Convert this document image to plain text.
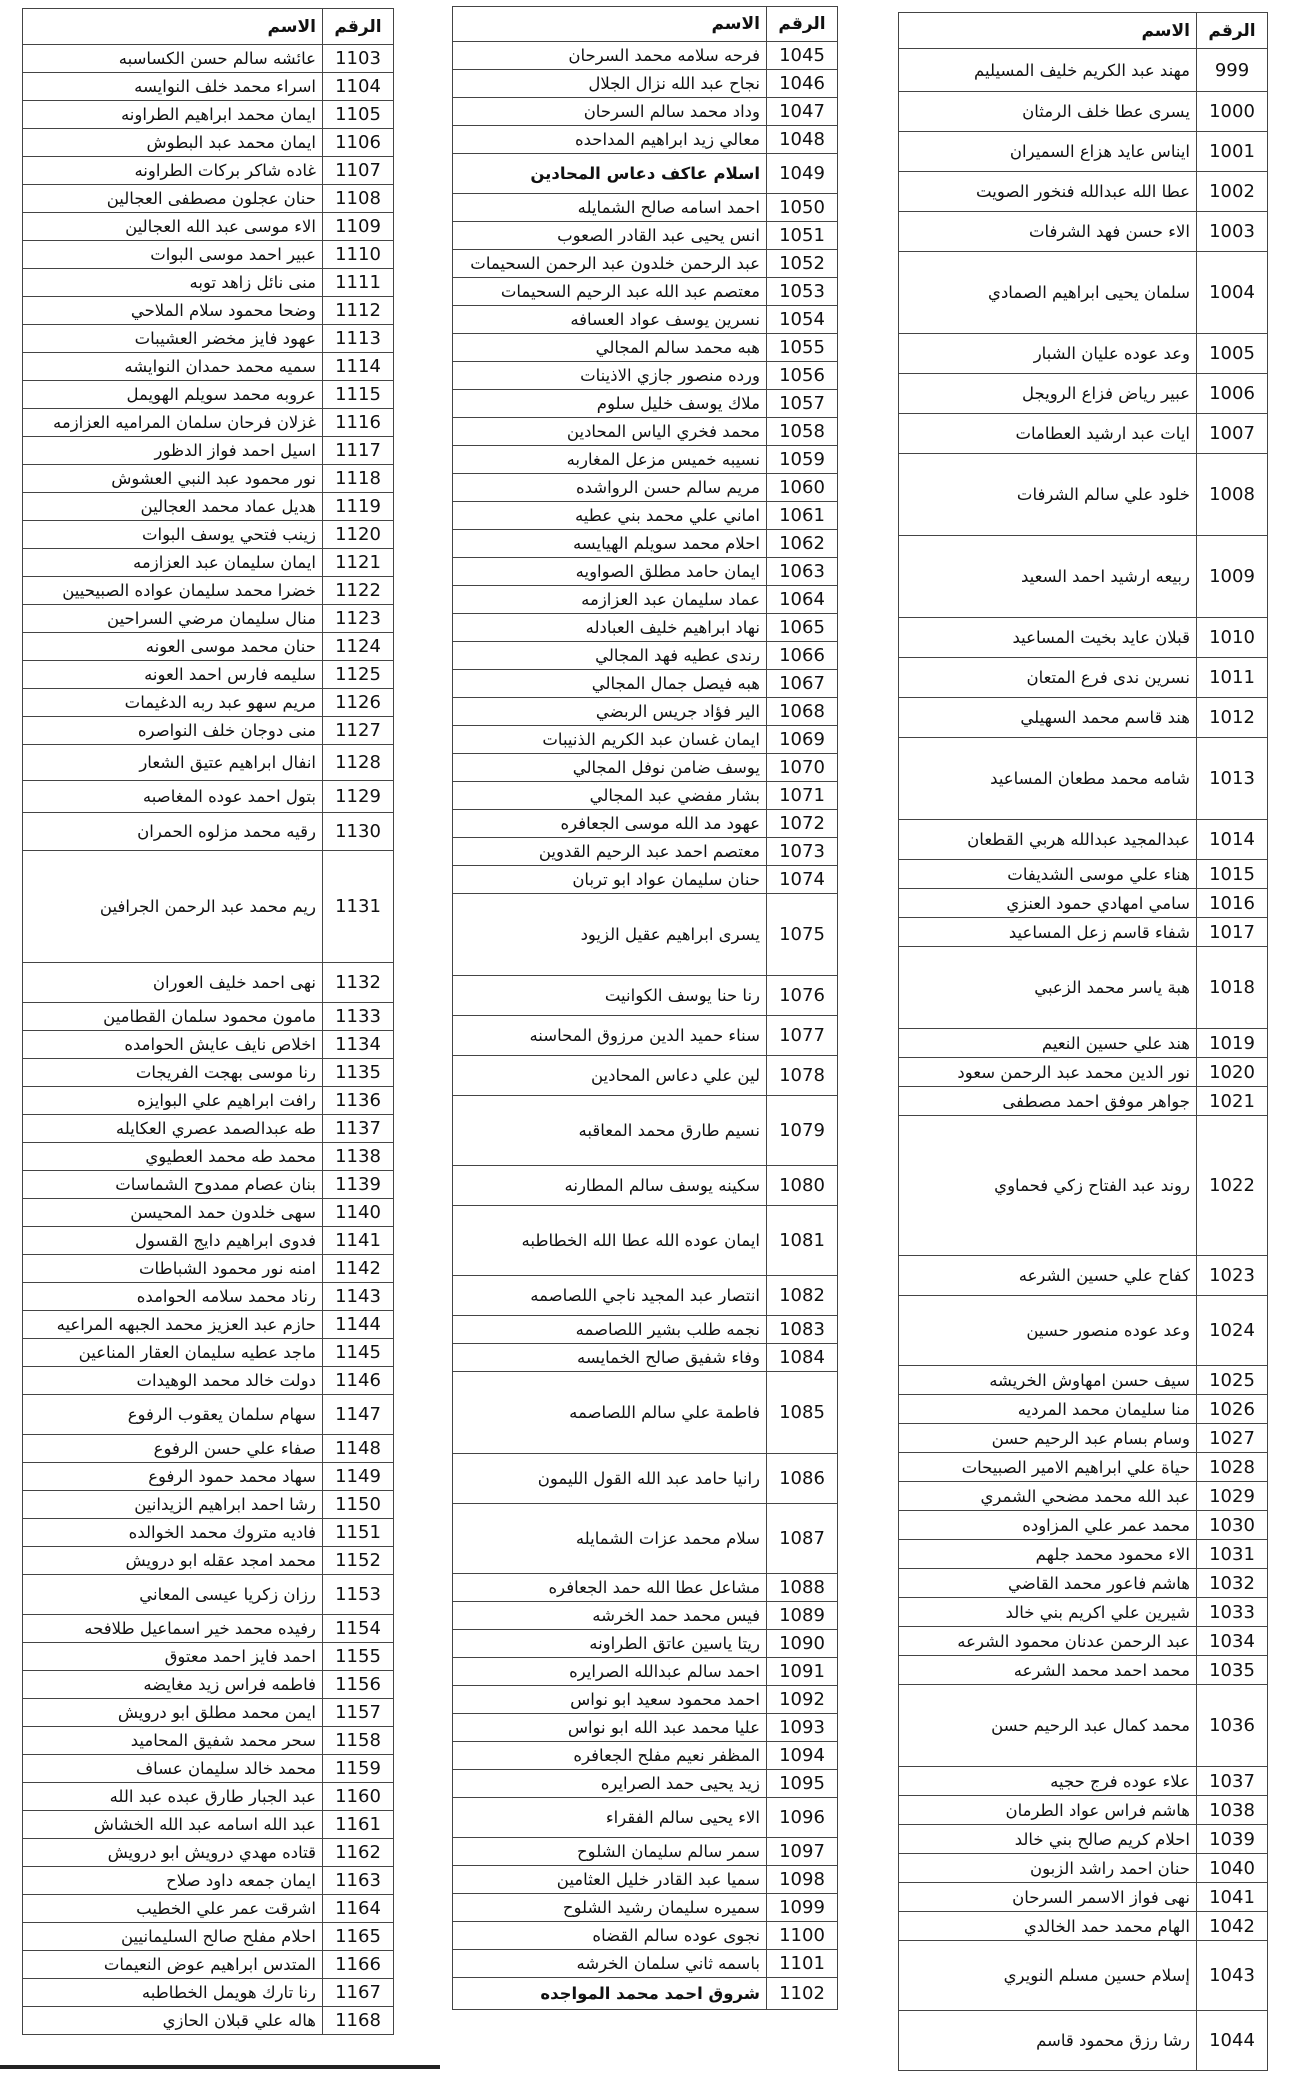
الرقم	الاسم
999	مهند عبد الكريم خليف المسيليم
1000	يسرى عطا خلف الرمثان
1001	ايناس عايد هزاع السميران
1002	عطا الله عبدالله فنخور الصويت
1003	الاء حسن فهد الشرفات
1004	سلمان يحيى ابراهيم الصمادي
1005	وعد عوده عليان الشبار
1006	عبير رياض فزاع الرويجل
1007	ايات عبد ارشيد العطامات
1008	خلود علي سالم الشرفات
1009	ربيعه ارشيد احمد السعيد
1010	قبلان عايد بخيت المساعيد
1011	نسرين ندى فرع المتعان
1012	هند قاسم محمد السهيلي
1013	شامه محمد مطعان المساعيد
1014	عبدالمجيد عبدالله هربي القطعان
1015	هناء علي موسى الشديفات
1016	سامي امهادي حمود العنزي
1017	شفاء قاسم زعل المساعيد
1018	هبة ياسر محمد الزعبي
1019	هند علي حسين النعيم
1020	نور الدين محمد عبد الرحمن سعود
1021	جواهر موفق احمد مصطفى
1022	روند عبد الفتاح زكي فحماوي
1023	كفاح علي حسين الشرعه
1024	وعد عوده منصور حسين
1025	سيف حسن امهاوش الخريشه
1026	منا سليمان محمد المرديه
1027	وسام بسام عبد الرحيم حسن
1028	حياة علي ابراهيم الامير الصبيحات
1029	عبد الله محمد مضحي الشمري
1030	محمد عمر علي المزاوده
1031	الاء محمود محمد جلهم
1032	هاشم فاعور محمد القاضي
1033	شيرين علي اكريم بني خالد
1034	عبد الرحمن عدنان محمود الشرعه
1035	محمد احمد محمد الشرعه
1036	محمد كمال عبد الرحيم حسن
1037	علاء عوده فرج حجيه
1038	هاشم فراس عواد الطرمان
1039	احلام كريم صالح بني خالد
1040	حنان احمد راشد الزبون
1041	نهى فواز الاسمر السرحان
1042	الهام محمد حمد الخالدي
1043	إسلام حسين مسلم النويري
1044	رشا رزق محمود قاسم
الرقم	الاسم
1045	فرحه سلامه محمد السرحان
1046	نجاح عبد الله نزال الجلال
1047	وداد محمد سالم السرحان
1048	معالي زيد ابراهيم المداحده
1049	اسلام عاكف دعاس المحادين
1050	احمد اسامه صالح الشمايله
1051	انس يحيى عبد القادر الصعوب
1052	عبد الرحمن خلدون عبد الرحمن السحيمات
1053	معتصم عبد الله عبد الرحيم السحيمات
1054	نسرين يوسف عواد العسافه
1055	هبه محمد سالم المجالي
1056	ورده منصور جازي الاذينات
1057	ملاك يوسف خليل سلوم
1058	محمد فخري الياس المحادين
1059	نسيبه خميس مزعل المغاربه
1060	مريم سالم حسن الرواشده
1061	اماني علي محمد بني عطيه
1062	احلام محمد سويلم الهيايسه
1063	ايمان حامد مطلق الصواويه
1064	عماد سليمان عبد العزازمه
1065	نهاد ابراهيم خليف العبادله
1066	رندى عطيه فهد المجالي
1067	هبه فيصل جمال المجالي
1068	الير فؤاد جريس الربضي
1069	ايمان غسان عبد الكريم الذنيبات
1070	يوسف ضامن نوفل المجالي
1071	بشار مفضي عبد المجالي
1072	عهود مد الله موسى الجعافره
1073	معتصم احمد عبد الرحيم القدوين
1074	حنان سليمان عواد ابو تربان
1075	يسرى ابراهيم عقيل الزيود
1076	رنا حنا يوسف الكوانيت
1077	سناء حميد الدين مرزوق المحاسنه
1078	لين علي دعاس المحادين
1079	نسيم طارق محمد المعاقبه
1080	سكينه يوسف سالم المطارنه
1081	ايمان عوده الله عطا الله الخطاطبه
1082	انتصار عبد المجيد ناجي اللصاصمه
1083	نجمه طلب بشير اللصاصمه
1084	وفاء شفيق صالح الخمايسه
1085	فاطمة علي سالم اللصاصمه
1086	رانيا حامد عبد الله القول الليمون
1087	سلام محمد عزات الشمايله
1088	مشاعل عطا الله حمد الجعافره
1089	فيس محمد حمد الخرشه
1090	ريتا ياسين عاتق الطراونه
1091	احمد سالم عبدالله الصرايره
1092	احمد محمود سعيد ابو نواس
1093	عليا محمد عبد الله ابو نواس
1094	المظفر نعيم مفلح الجعافره
1095	زيد يحيى حمد الصرايره
1096	الاء يحيى سالم الفقراء
1097	سمر سالم سليمان الشلوح
1098	سميا عبد القادر خليل العثامين
1099	سميره سليمان رشيد الشلوح
1100	نجوى عوده سالم القضاه
1101	باسمه ثاني سلمان الخرشه
1102	شروق احمد محمد المواجده
الرقم	الاسم
1103	عائشه سالم حسن الكساسبه
1104	اسراء محمد خلف النوايسه
1105	ايمان محمد ابراهيم الطراونه
1106	ايمان محمد عبد البطوش
1107	غاده شاكر بركات الطراونه
1108	حنان عجلون مصطفى العجالين
1109	الاء موسى عبد الله العجالين
1110	عبير احمد موسى البوات
1111	منى نائل زاهد توبه
1112	وضحا محمود سلام الملاحي
1113	عهود فايز مخضر العشيبات
1114	سميه محمد حمدان النوايشه
1115	عروبه محمد سويلم الهويمل
1116	غزلان فرحان سلمان المراميه العزازمه
1117	اسيل احمد فواز الدظور
1118	نور محمود عبد النبي العشوش
1119	هديل عماد محمد العجالين
1120	زينب فتحي يوسف البوات
1121	ايمان سليمان عبد العزازمه
1122	خضرا محمد سليمان عواده الصبيحيين
1123	منال سليمان مرضي السراحين
1124	حنان محمد موسى العونه
1125	سليمه فارس احمد العونه
1126	مريم سهو عبد ربه الدغيمات
1127	منى دوجان خلف النواصره
1128	انفال ابراهيم عتيق الشعار
1129	بتول احمد عوده المغاصبه
1130	رقيه محمد مزلوه الحمران
1131	ريم محمد عبد الرحمن الجرافين
1132	نهى احمد خليف العوران
1133	مامون محمود سلمان القطامين
1134	اخلاص نايف عايش الحوامده
1135	رنا موسى بهجت الفريجات
1136	رافت ابراهيم علي البوايزه
1137	طه عبدالصمد عصري العكايله
1138	محمد طه محمد العطيوي
1139	بنان عصام ممدوح الشماسات
1140	سهى خلدون حمد المحيسن
1141	فدوى ابراهيم دايج القسول
1142	امنه نور محمود الشباطات
1143	رناد محمد سلامه الحوامده
1144	حازم عبد العزيز محمد الجبهه المراعيه
1145	ماجد عطيه سليمان العقار المناعين
1146	دولت خالد محمد الوهيدات
1147	سهام سلمان يعقوب الرفوع
1148	صفاء علي حسن الرفوع
1149	سهاد محمد حمود الرفوع
1150	رشا احمد ابراهيم الزيدانين
1151	فاديه متروك محمد الخوالده
1152	محمد امجد عقله ابو درويش
1153	رزان زكريا عيسى المعاني
1154	رفيده محمد خير اسماعيل طلافحه
1155	احمد فايز احمد معتوق
1156	فاطمه فراس زيد مغايضه
1157	ايمن محمد مطلق ابو درويش
1158	سحر محمد شفيق المحاميد
1159	محمد خالد سليمان عساف
1160	عبد الجبار طارق عبده عبد الله
1161	عبد الله اسامه عبد الله الخشاش
1162	قتاده مهدي درويش ابو درويش
1163	ايمان جمعه داود صلاح
1164	اشرقت عمر علي الخطيب
1165	احلام مفلح صالح السليمانيين
1166	المتدس ابراهيم عوض النعيمات
1167	رنا تارك هويمل الخطاطبه
1168	هاله علي قبلان الحازي
